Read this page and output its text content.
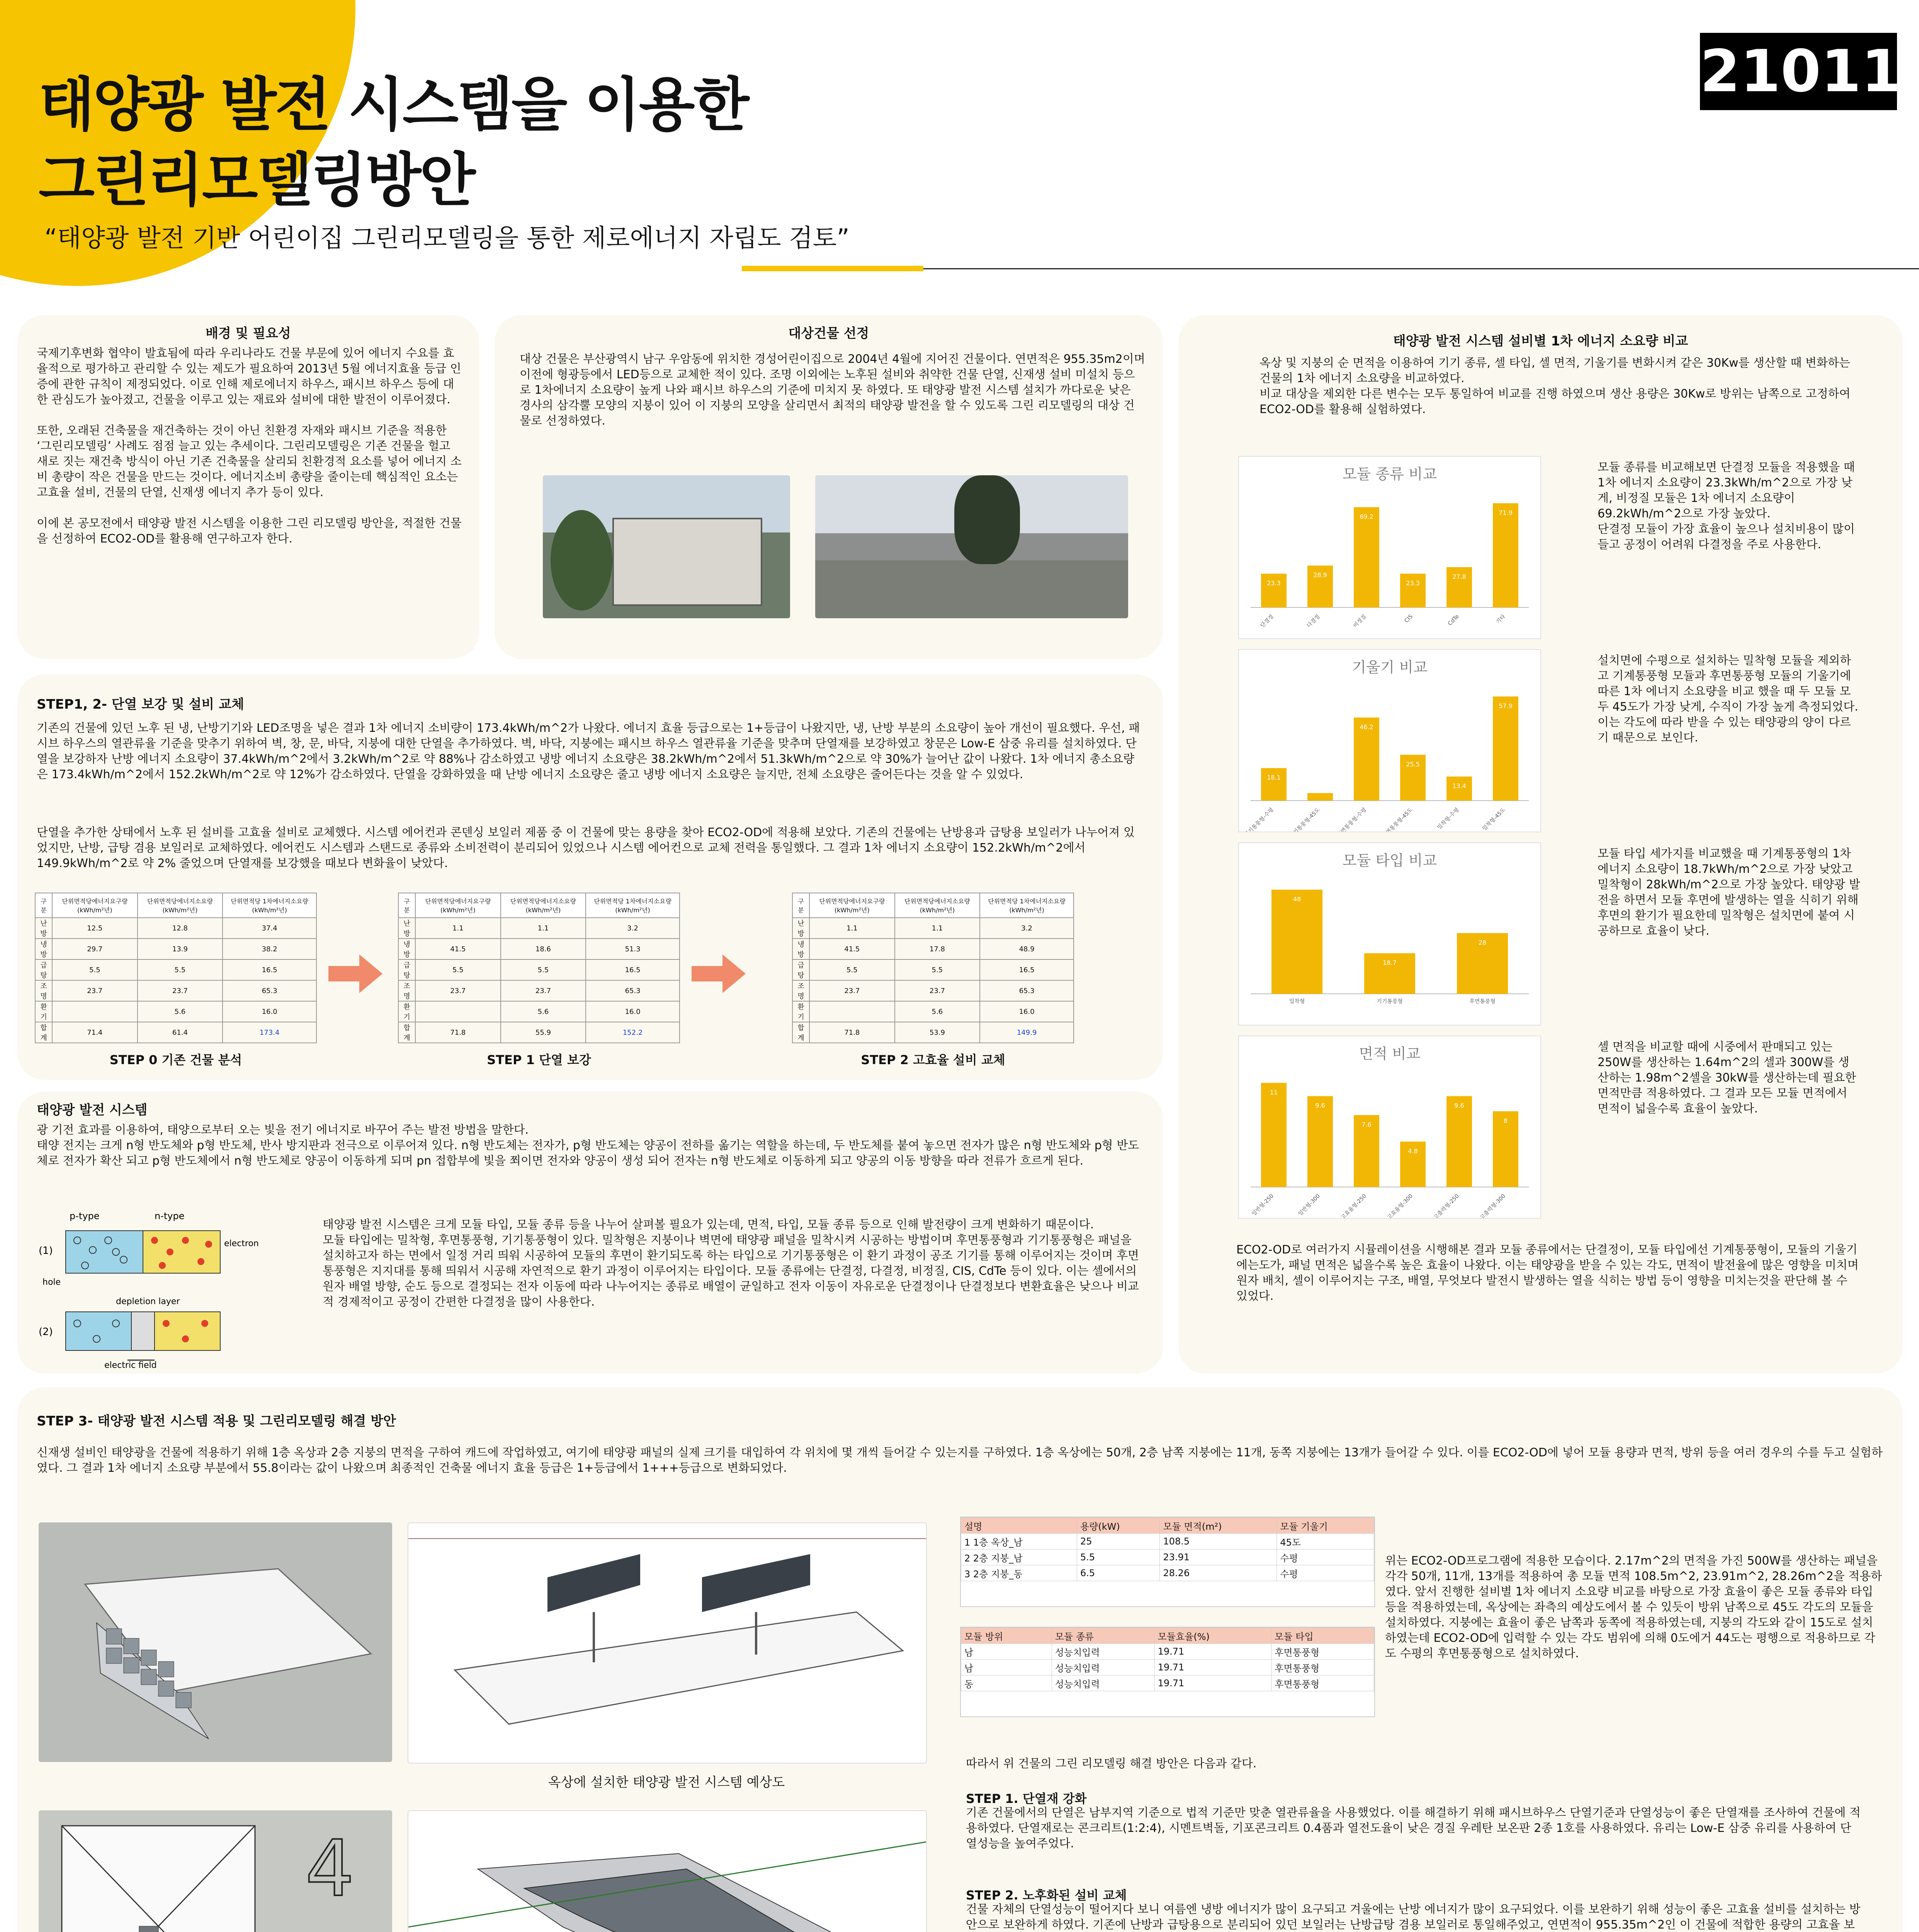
태양광 발전 시스템을 이용한
그린리모델링방안
“태양광 발전 기반 어린이집 그린리모델링을 통한 제로에너지 자립도 검토”
21011
배경 및 필요성
국제기후변화 협약이 발효됨에 따라 우리나라도 건물 부문에 있어 에너지 수요를 효율적으로 평가하고 관리할 수 있는 제도가 필요하여 2013년 5월 에너지효율 등급 인증에 관한 규칙이 제정되었다. 이로 인해 제로에너지 하우스, 패시브 하우스 등에 대한 관심도가 높아졌고, 건물을 이루고 있는 재료와 설비에 대한 발전이 이루어졌다.

또한, 오래된 건축물을 재건축하는 것이 아닌 친환경 자재와 패시브 기준을 적용한 ‘그린리모델링’ 사례도 점점 늘고 있는 추세이다. 그린리모델링은 기존 건물을 헐고 새로 짓는 재건축 방식이 아닌 기존 건축물을 살리되 친환경적 요소를 넣어 에너지 소비 총량이 작은 건물을 만드는 것이다. 에너지소비 총량을 줄이는데 핵심적인 요소는 고효율 설비, 건물의 단열, 신재생 에너지 추가 등이 있다.

이에 본 공모전에서 태양광 발전 시스템을 이용한 그린 리모델링 방안을, 적절한 건물을 선정하여 ECO2-OD를 활용해 연구하고자 한다.
대상건물 선정
대상 건물은 부산광역시 남구 우암동에 위치한 경성어린이집으로 2004년 4월에 지어진 건물이다. 연면적은 955.35m2이며 이전에 형광등에서 LED등으로 교체한 적이 있다. 조명 이외에는 노후된 설비와 취약한 건물 단열, 신재생 설비 미설치 등으로 1차에너지 소요량이 높게 나와 패시브 하우스의 기준에 미치지 못 하였다. 또 태양광 발전 시스템 설치가 까다로운 낮은 경사의 삼각뿔 모양의 지붕이 있어 이 지붕의 모양을 살리면서 최적의 태양광 발전을 할 수 있도록 그린 리모델링의 대상 건물로 선정하였다.
STEP1, 2- 단열 보강 및 설비 교체
기존의 건물에 있던 노후 된 냉, 난방기기와 LED조명을 넣은 결과 1차 에너지 소비량이 173.4kWh/m^2가 나왔다. 에너지 효율 등급으로는 1+등급이 나왔지만, 냉, 난방 부분의 소요량이 높아 개선이 필요했다. 우선, 패시브 하우스의 열관류율 기준을 맞추기 위하여 벽, 창, 문, 바닥, 지붕에 대한 단열을 추가하였다. 벽, 바닥, 지붕에는 패시브 하우스 열관류율 기준을 맞추며 단열재를 보강하였고 창문은 Low-E 삼중 유리를 설치하였다. 단열을 보강하자 난방 에너지 소요량이 37.4kWh/m^2에서 3.2kWh/m^2로 약 88%나 감소하였고 냉방 에너지 소요량은 38.2kWh/m^2에서 51.3kWh/m^2으로 약 30%가 늘어난 값이 나왔다. 1차 에너지 총소요량은 173.4kWh/m^2에서 152.2kWh/m^2로 약 12%가 감소하였다. 단열을 강화하였을 때 난방 에너지 소요량은 줄고 냉방 에너지 소요량은 늘지만, 전체 소요량은 줄어든다는 것을 알 수 있었다.
단열을 추가한 상태에서 노후 된 설비를 고효율 설비로 교체했다. 시스템 에어컨과 콘덴싱 보일러 제품 중 이 건물에 맞는 용량을 찾아 ECO2-OD에 적용해 보았다. 기존의 건물에는 난방용과 급탕용 보일러가 나누어져 있었지만, 난방, 급탕 겸용 보일러로 교체하였다. 에어컨도 시스템과 스탠드로 종류와 소비전력이 분리되어 있었으나 시스템 에어컨으로 교체 전력을 통일했다. 그 결과 1차 에너지 소요량이 152.2kWh/m^2에서 149.9kWh/m^2로 약 2% 줄었으며 단열재를 보강했을 때보다 변화율이 낮았다.
구 분	단위면적당에너지요구량 (kWh/m²년)	단위면적당에너지소요량 (kWh/m²년)	단위면적당 1차에너지소요량 (kWh/m²년)
난 방	12.5	12.8	37.4
냉 방	29.7	13.9	38.2
급 탕	5.5	5.5	16.5
조 명	23.7	23.7	65.3
환 기		5.6	16.0
합 계	71.4	61.4	173.4
STEP 0 기존 건물 분석
구 분	단위면적당에너지요구량 (kWh/m²년)	단위면적당에너지소요량 (kWh/m²년)	단위면적당 1차에너지소요량 (kWh/m²년)
난 방	1.1	1.1	3.2
냉 방	41.5	18.6	51.3
급 탕	5.5	5.5	16.5
조 명	23.7	23.7	65.3
환 기		5.6	16.0
합 계	71.8	55.9	152.2
STEP 1 단열 보강
구 분	단위면적당에너지요구량 (kWh/m²년)	단위면적당에너지소요량 (kWh/m²년)	단위면적당 1차에너지소요량 (kWh/m²년)
난 방	1.1	1.1	3.2
냉 방	41.5	17.8	48.9
급 탕	5.5	5.5	16.5
조 명	23.7	23.7	65.3
환 기		5.6	16.0
합 계	71.8	53.9	149.9
STEP 2 고효율 설비 교체
태양광 발전 시스템
광 기전 효과를 이용하여, 태양으로부터 오는 빛을 전기 에너지로 바꾸어 주는 발전 방법을 말한다.
태양 전지는 크게 n형 반도체와 p형 반도체, 반사 방지판과 전극으로 이루어져 있다. n형 반도체는 전자가, p형 반도체는 양공이 전하를 옮기는 역할을 하는데, 두 반도체를 붙여 놓으면 전자가 많은 n형 반도체와 p형 반도체로 전자가 확산 되고 p형 반도체에서 n형 반도체로 양공이 이동하게 되며 pn 접합부에 빛을 쬐이면 전자와 양공이 생성 되어 전자는 n형 반도체로 이동하게 되고 양공의 이동 방향을 따라 전류가 흐르게 된다.
(1)
p-type	n-type
electron
hole
(2)
depletion layer
electric field
태양광 발전 시스템은 크게 모듈 타입, 모듈 종류 등을 나누어 살펴볼 필요가 있는데, 면적, 타입, 모듈 종류 등으로 인해 발전량이 크게 변화하기 때문이다.
모듈 타입에는 밀착형, 후면통풍형, 기기통풍형이 있다. 밀착형은 지붕이나 벽면에 태양광 패널을 밀착시켜 시공하는 방법이며 후면통풍형과 기기통풍형은 패널을 설치하고자 하는 면에서 일정 거리 띄워 시공하여 모듈의 후면이 환기되도록 하는 타입으로 기기통풍형은 이 환기 과정이 공조 기기를 통해 이루어지는 것이며 후면통풍형은 지지대를 통해 띄워서 시공해 자연적으로 환기 과정이 이루어지는 타입이다. 모듈 종류에는 단결정, 다결정, 비정질, CIS, CdTe 등이 있다. 이는 셀에서의 원자 배열 방향, 순도 등으로 결정되는 전자 이동에 따라 나누어지는 종류로 배열이 균일하고 전자 이동이 자유로운 단결정이나 단결정보다 변환효율은 낮으나 비교적 경제적이고 공정이 간편한 다결정을 많이 사용한다.
태양광 발전 시스템 설비별 1차 에너지 소요량 비교
옥상 및 지붕의 순 면적을 이용하여 기기 종류, 셀 타입, 셀 면적, 기울기를 변화시켜 같은 30Kw를 생산할 때 변화하는 건물의 1차 에너지 소요량을 비교하였다.
비교 대상을 제외한 다른 변수는 모두 통일하여 비교를 진행 하였으며 생산 용량은 30Kw로 방위는 남쪽으로 고정하여 ECO2-OD를 활용해 실험하였다.
모듈 종류 비교
23.3
단결정
28.9
다결정
69.2
비정질
23.3
CIS
27.8
CdTe
71.9
기타
모듈 종류를 비교해보면 단결정 모듈을 적용했을 때 1차 에너지 소요량이 23.3kWh/m^2으로 가장 낮게, 비정질 모듈은 1차 에너지 소요량이 69.2kWh/m^2으로 가장 높았다.
단결정 모듈이 가장 효율이 높으나 설치비용이 많이 들고 공정이 어려워 다결정을 주로 사용한다.
기울기 비교
18.1
기기통풍형-수평	기기통풍형-45도
46.2
후면통풍형-수평
25.5
후면통풍형-45도
13.4
밀착형-수평
57.9
밀착형-45도
설치면에 수평으로 설치하는 밀착형 모듈을 제외하고 기계통풍형 모듈과 후면통풍형 모듈의 기울기에 따른 1차 에너지 소요량을 비교 했을 때 두 모듈 모두 45도가 가장 낮게, 수직이 가장 높게 측정되었다. 이는 각도에 따라 받을 수 있는 태양광의 양이 다르기 때문으로 보인다.
모듈 타입 비교
48
밀착형
18.7
기기통풍형
28
후면통풍형
모듈 타입 세가지를 비교했을 때 기계통풍형의 1차 에너지 소요량이 18.7kWh/m^2으로 가장 낮았고 밀착형이 28kWh/m^2으로 가장 높았다. 태양광 발전을 하면서 모듈 후면에 발생하는 열을 식히기 위해 후면의 환기가 필요한데 밀착형은 설치면에 붙여 시공하므로 효율이 낮다.
면적 비교
11
일반형-250
9.6
일반형-300
7.6
고효율형-250
4.8
고효율형-300
9.6
고출력형-250
8
고출력형-300
셀 면적을 비교할 때에 시중에서 판매되고 있는 250W를 생산하는 1.64m^2의 셀과 300W를 생산하는 1.98m^2셀을 30kW를 생산하는데 필요한 면적만큼 적용하였다. 그 결과 모든 모듈 면적에서 면적이 넓을수록 효율이 높았다.
ECO2-OD로 여러가지 시뮬레이션을 시행해본 결과 모듈 종류에서는 단결정이, 모듈 타입에선 기계통풍형이, 모듈의 기울기에는도가, 패널 면적은 넓을수록 높은 효율이 나왔다. 이는 태양광을 받을 수 있는 각도, 면적이 발전율에 많은 영향을 미치며 원자 배치, 셀이 이루어지는 구조, 배열, 무엇보다 발전시 발생하는 열을 식히는 방법 등이 영향을 미치는것을 판단해 볼 수 있었다.
STEP 3- 태양광 발전 시스템 적용 및 그린리모델링 해결 방안
신재생 설비인 태양광을 건물에 적용하기 위해 1층 옥상과 2층 지붕의 면적을 구하여 캐드에 작업하였고, 여기에 태양광 패널의 실제 크기를 대입하여 각 위치에 몇 개씩 들어갈 수 있는지를 구하였다. 1층 옥상에는 50개, 2층 남쪽 지붕에는 11개, 동쪽 지붕에는 13개가 들어갈 수 있다. 이를 ECO2-OD에 넣어 모듈 용량과 면적, 방위 등을 여러 경우의 수를 두고 실험하였다. 그 결과 1차 에너지 소요량 부분에서 55.8이라는 값이 나왔으며 최종적인 건축물 에너지 효율 등급은 1+등급에서 1+++등급으로 변화되었다.
옥상에 설치한 태양광 발전 시스템 예상도
4
설명	용량(kW)	모듈 면적(m²)	모듈 기울기
1 1층 옥상_남	25	108.5	45도
2 2층 지붕_남	5.5	23.91	수평
3 2층 지붕_동	6.5	28.26	수평
모듈 방위	모듈 종류	모듈효율(%)	모듈 타입
남	성능치입력	19.71	후면통풍형
남	성능치입력	19.71	후면통풍형
동	성능치입력	19.71	후면통풍형
위는 ECO2-OD프로그램에 적용한 모습이다. 2.17m^2의 면적을 가진 500W를 생산하는 패널을 각각 50개, 11개, 13개를 적용하여 총 모듈 면적 108.5m^2, 23.91m^2, 28.26m^2을 적용하였다. 앞서 진행한 설비별 1차 에너지 소요량 비교를 바탕으로 가장 효율이 좋은 모듈 종류와 타입 등을 적용하였는데, 옥상에는 좌측의 예상도에서 볼 수 있듯이 방위 남쪽으로 45도 각도의 모듈을 설치하였다. 지붕에는 효율이 좋은 남쪽과 동쪽에 적용하였는데, 지붕의 각도와 같이 15도로 설치하였는데 ECO2-OD에 입력할 수 있는 각도 범위에 의해 0도에거 44도는 평행으로 적용하므로 각도 수평의 후면통풍형으로 설치하였다.
따라서 위 건물의 그린 리모델링 해결 방안은 다음과 같다.
STEP 1. 단열재 강화
기존 건물에서의 단열은 남부지역 기준으로 법적 기준만 맞춘 열관류율을 사용했었다. 이를 해결하기 위해 패시브하우스 단열기준과 단열성능이 좋은 단열재를 조사하여 건물에 적용하였다. 단열재로는 콘크리트(1:2:4), 시멘트벽돌, 기포콘크리트 0.4품과 열전도율이 낮은 경질 우레탄 보온판 2종 1호를 사용하였다. 유리는 Low-E 삼중 유리를 사용하여 단열성능을 높여주었다.
STEP 2. 노후화된 설비 교체
건물 자체의 단열성능이 떨어지다 보니 여름엔 냉방 에너지가 많이 요구되고 겨울에는 난방 에너지가 많이 요구되었다. 이를 보완하기 위해 성능이 좋은 고효율 설비를 설치하는 방안으로 보완하게 하였다. 기존에 난방과 급탕용으로 분리되어 있던 보일러는 난방급탕 겸용 보일러로 통일해주었고, 연면적이 955.35m^2인 이 건물에 적합한 용량의 고효율 보
